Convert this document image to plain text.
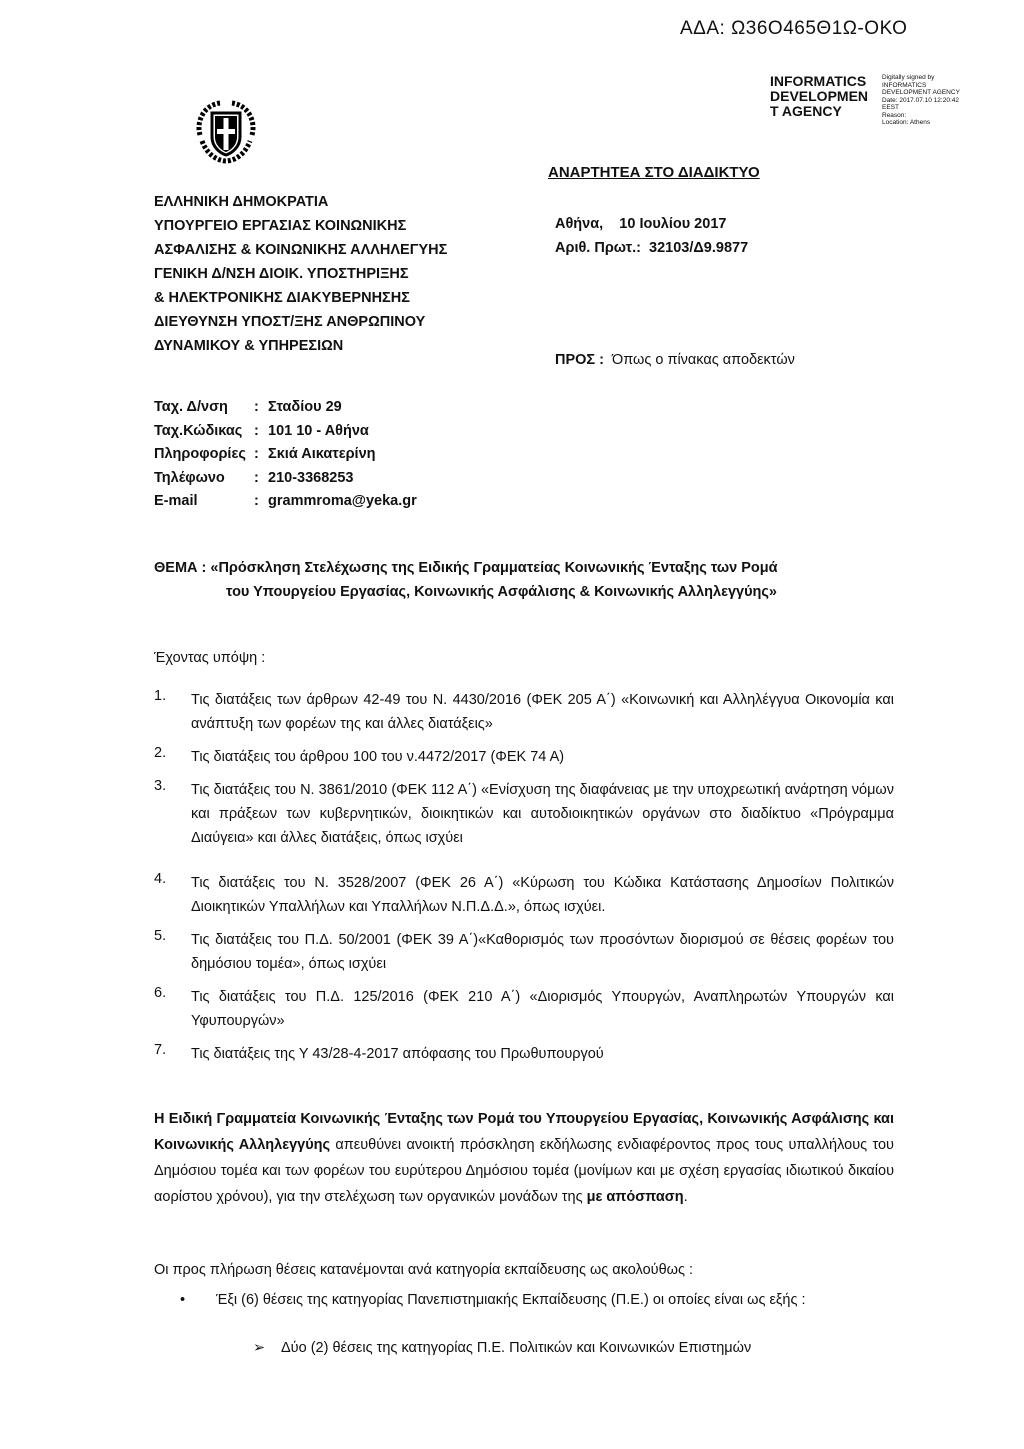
ΑΔΑ: Ω36Ο465Θ1Ω-ΟΚΟ
INFORMATICS
DEVELOPMEN
T AGENCY
Digitally signed by
INFORMATICS
DEVELOPMENT AGENCY
Date: 2017.07.10 12:20:42
EEST
Reason:
Location: Athens
ΑΝΑΡΤΗΤΕΑ ΣΤΟ ΔΙΑΔΙΚΤΥΟ
ΕΛΛΗΝΙΚΗ ΔΗΜΟΚΡΑΤΙΑ
ΥΠΟΥΡΓΕΙΟ ΕΡΓΑΣΙΑΣ ΚΟΙΝΩΝΙΚΗΣ
ΑΣΦΑΛΙΣΗΣ & ΚΟΙΝΩΝΙΚΗΣ ΑΛΛΗΛΕΓΥΗΣ
ΓΕΝΙΚΗ Δ/ΝΣΗ ΔΙΟΙΚ. ΥΠΟΣΤΗΡΙΞΗΣ
& ΗΛΕΚΤΡΟΝΙΚΗΣ ΔΙΑΚΥΒΕΡΝΗΣΗΣ
ΔΙΕΥΘΥΝΣΗ ΥΠΟΣΤ/ΞΗΣ ΑΝΘΡΩΠΙΝΟΥ
ΔΥΝΑΜΙΚΟΥ & ΥΠΗΡΕΣΙΩΝ
Αθήνα,    10 Ιουλίου 2017
Αριθ. Πρωτ.:  32103/Δ9.9877
ΠΡΟΣ : Όπως ο πίνακας αποδεκτών
Ταχ. Δ/νση	: Σταδίου 29
Ταχ.Κώδικας : 101 10 - Αθήνα
Πληροφορίες : Σκιά Αικατερίνη
Τηλέφωνο	: 210-3368253
E-mail	: grammroma@yeka.gr
ΘΕΜΑ : «Πρόσκληση Στελέχωσης της Ειδικής Γραμματείας Κοινωνικής Ένταξης των Ρομά
του Υπουργείου Εργασίας, Κοινωνικής Ασφάλισης & Κοινωνικής Αλληλεγγύης»
Έχοντας υπόψη :
1.	Τις διατάξεις των άρθρων 42-49 του Ν. 4430/2016 (ΦΕΚ 205 Α΄) «Κοινωνική και Αλληλέγγυα Οικονομία και ανάπτυξη των φορέων της και άλλες διατάξεις»
2.	Τις διατάξεις του άρθρου 100 του ν.4472/2017 (ΦΕΚ 74 Α)
3.	Τις διατάξεις του Ν. 3861/2010 (ΦΕΚ 112 Α΄) «Ενίσχυση της διαφάνειας με την υποχρεωτική ανάρτηση νόμων και πράξεων των κυβερνητικών, διοικητικών και αυτοδιοικητικών οργάνων στο διαδίκτυο «Πρόγραμμα Διαύγεια» και άλλες διατάξεις, όπως ισχύει
4.	Τις διατάξεις του Ν. 3528/2007 (ΦΕΚ 26 Α΄) «Κύρωση του Κώδικα Κατάστασης Δημοσίων Πολιτικών Διοικητικών Υπαλλήλων και Υπαλλήλων Ν.Π.Δ.Δ.», όπως ισχύει.
5.	Τις διατάξεις του Π.Δ. 50/2001 (ΦΕΚ 39 Α΄)«Καθορισμός των προσόντων διορισμού σε θέσεις φορέων του δημόσιου τομέα», όπως ισχύει
6.	Τις διατάξεις του Π.Δ. 125/2016 (ΦΕΚ 210 Α΄) «Διορισμός Υπουργών, Αναπληρωτών Υπουργών και Υφυπουργών»
7.	Τις διατάξεις της Υ 43/28-4-2017 απόφασης του Πρωθυπουργού
Η Ειδική Γραμματεία Κοινωνικής Ένταξης των Ρομά του Υπουργείου Εργασίας, Κοινωνικής Ασφάλισης και Κοινωνικής Αλληλεγγύης απευθύνει ανοικτή πρόσκληση εκδήλωσης ενδιαφέροντος προς τους υπαλλήλους του Δημόσιου τομέα και των φορέων του ευρύτερου Δημόσιου τομέα (μονίμων και με σχέση εργασίας ιδιωτικού δικαίου αορίστου χρόνου), για την στελέχωση των οργανικών μονάδων της με απόσπαση.
Οι προς πλήρωση θέσεις κατανέμονται ανά κατηγορία εκπαίδευσης ως ακολούθως :
•	Έξι (6) θέσεις της κατηγορίας Πανεπιστημιακής Εκπαίδευσης (Π.Ε.) οι οποίες είναι ως εξής :
➢	Δύο (2) θέσεις της κατηγορίας Π.Ε. Πολιτικών και Κοινωνικών Επιστημών
